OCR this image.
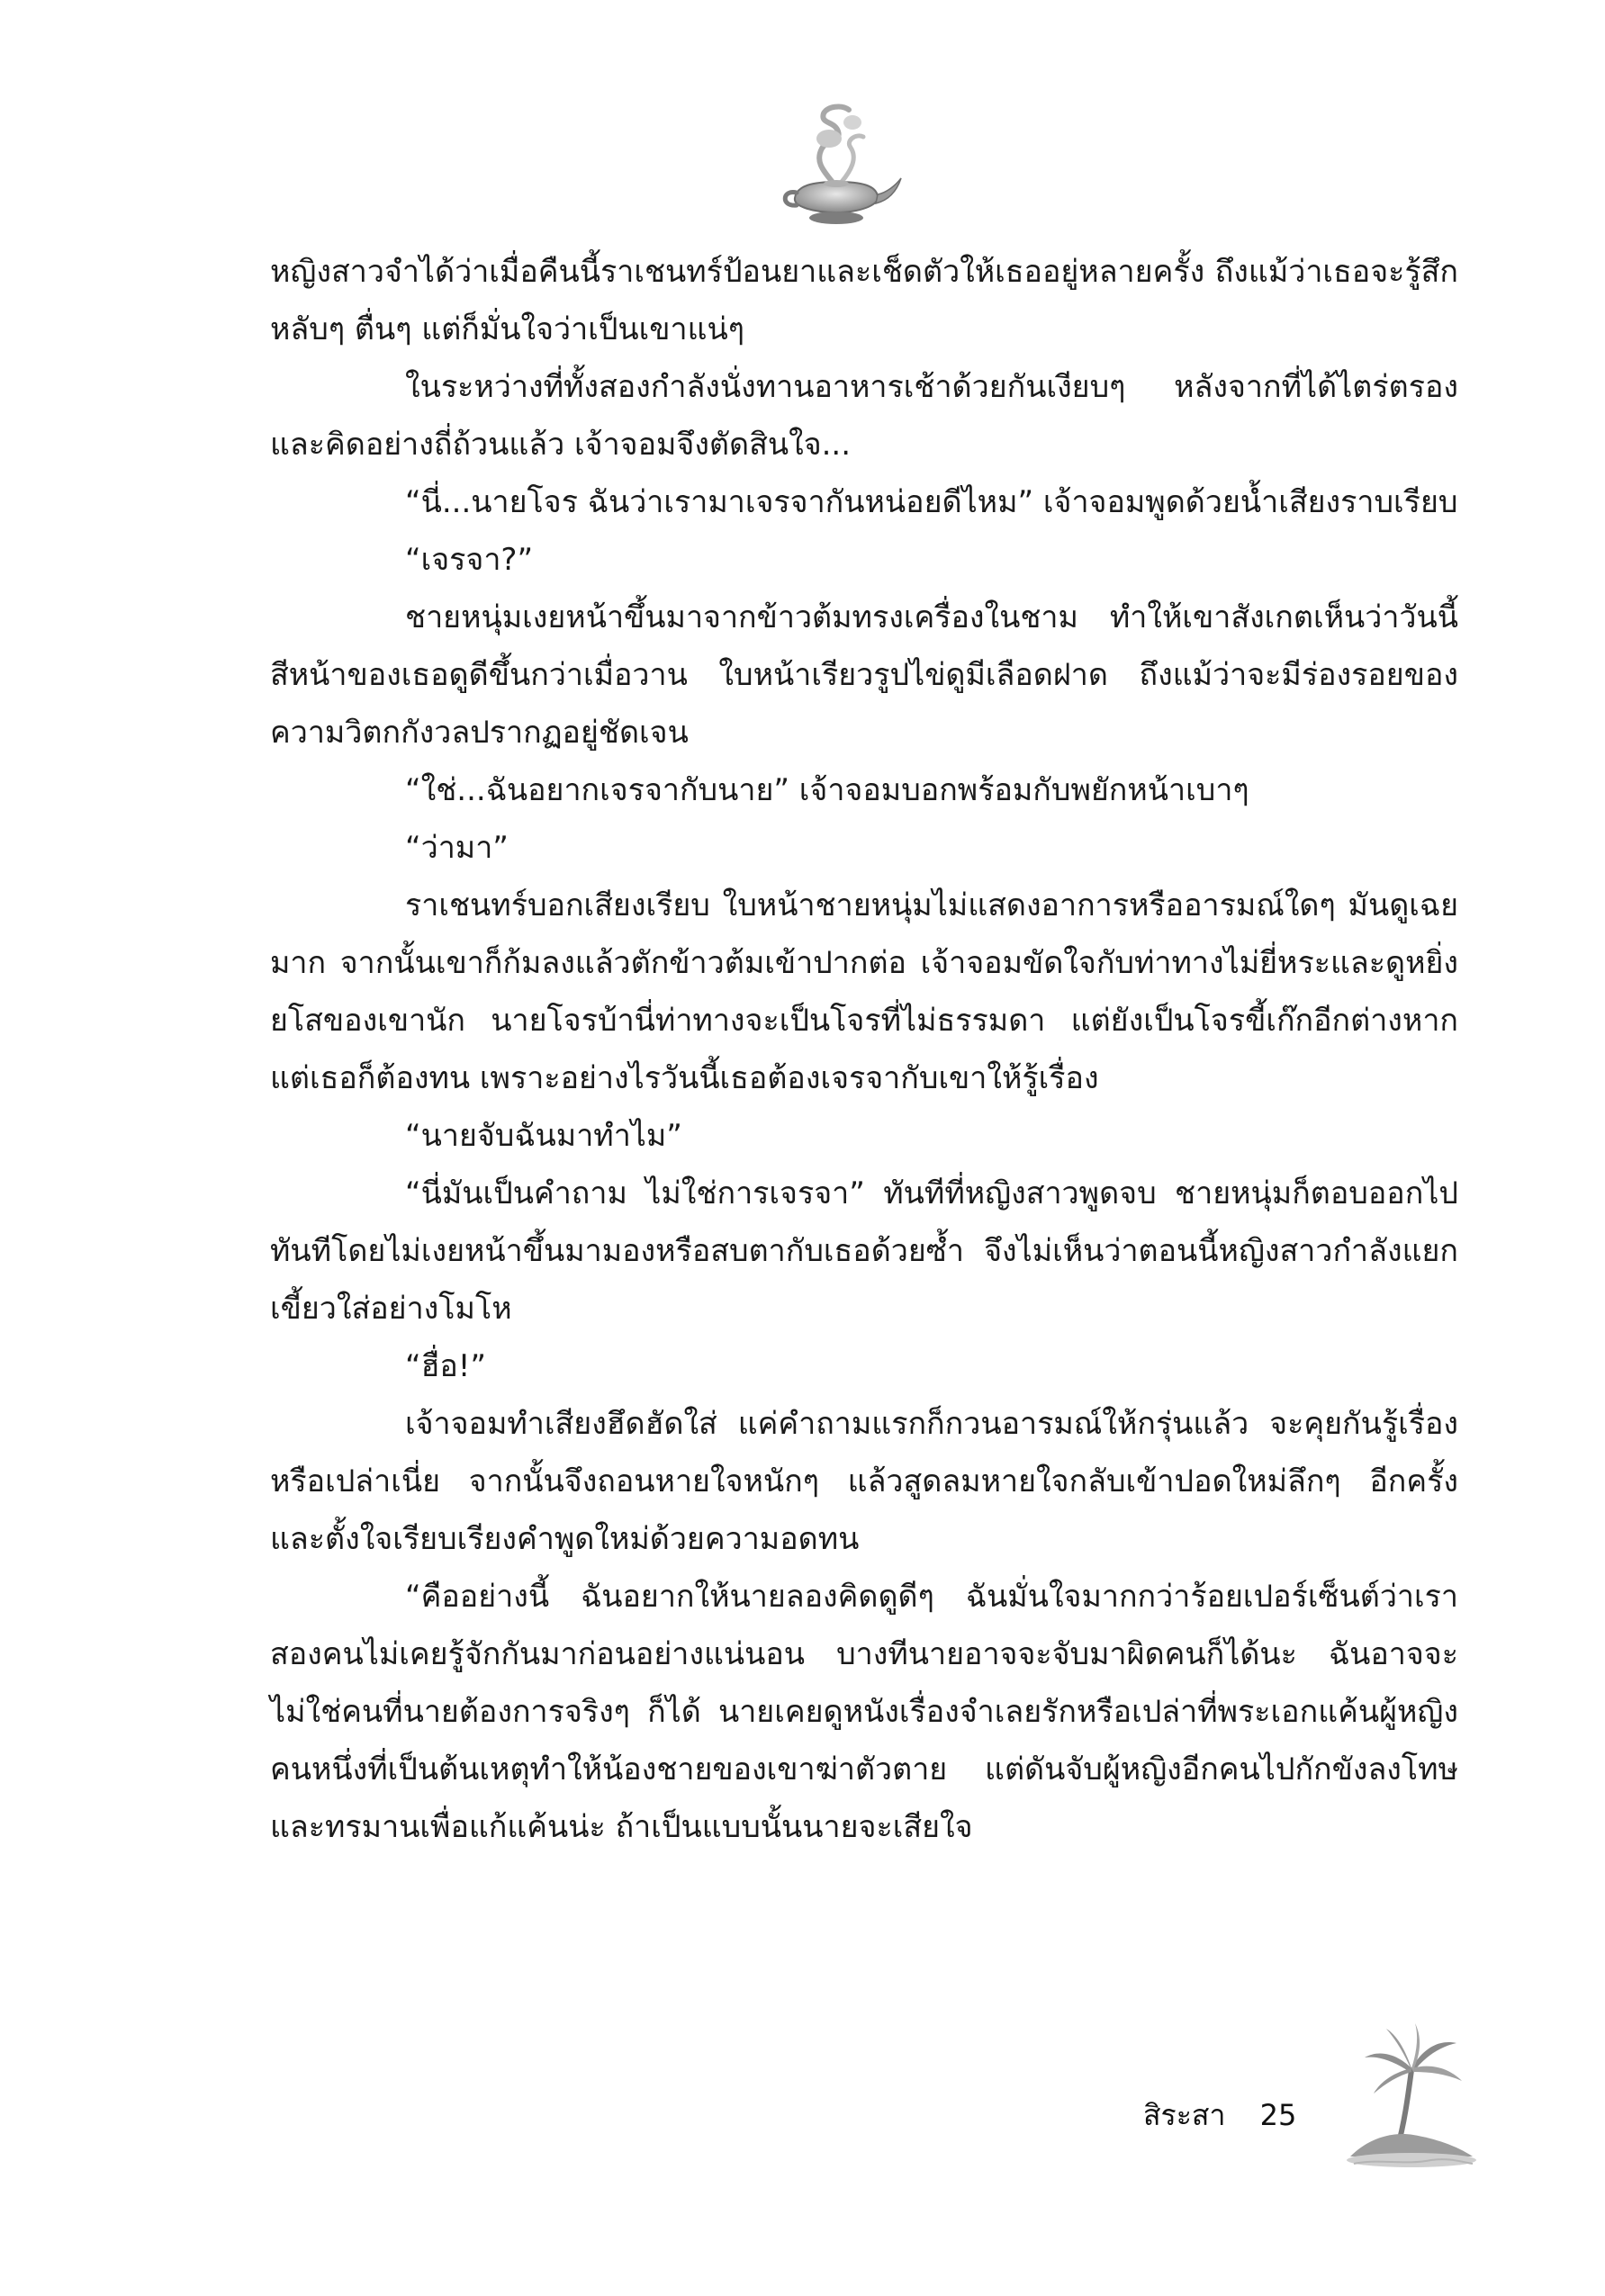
หญิงสาวจำได้ว่าเมื่อคืนนี้ราเชนทร์ป้อนยาและเช็ดตัวให้เธออยู่หลายครั้ง ถึงแม้ว่าเธอจะรู้สึกหลับๆ ตื่นๆ แต่ก็มั่นใจว่าเป็นเขาแน่ๆ

ในระหว่างที่ทั้งสองกำลังนั่งทานอาหารเช้าด้วยกันเงียบๆ หลังจากที่ได้ไตร่ตรองและคิดอย่างถี่ถ้วนแล้ว เจ้าจอมจึงตัดสินใจ...

“นี่...นายโจร ฉันว่าเรามาเจรจากันหน่อยดีไหม” เจ้าจอมพูดด้วยน้ำเสียงราบเรียบ

“เจรจา?”

ชายหนุ่มเงยหน้าขึ้นมาจากข้าวต้มทรงเครื่องในชาม ทำให้เขาสังเกตเห็นว่าวันนี้สีหน้าของเธอดูดีขึ้นกว่าเมื่อวาน ใบหน้าเรียวรูปไข่ดูมีเลือดฝาด ถึงแม้ว่าจะมีร่องรอยของความวิตกกังวลปรากฏอยู่ชัดเจน

“ใช่...ฉันอยากเจรจากับนาย” เจ้าจอมบอกพร้อมกับพยักหน้าเบาๆ

“ว่ามา”

ราเชนทร์บอกเสียงเรียบ ใบหน้าชายหนุ่มไม่แสดงอาการหรืออารมณ์ใดๆ มันดูเฉยมาก จากนั้นเขาก็ก้มลงแล้วตักข้าวต้มเข้าปากต่อ เจ้าจอมขัดใจกับท่าทางไม่ยี่หระและดูหยิ่งยโสของเขานัก นายโจรบ้านี่ท่าทางจะเป็นโจรที่ไม่ธรรมดา แต่ยังเป็นโจรขี้เก๊กอีกต่างหาก แต่เธอก็ต้องทน เพราะอย่างไรวันนี้เธอต้องเจรจากับเขาให้รู้เรื่อง

“นายจับฉันมาทำไม”

“นี่มันเป็นคำถาม ไม่ใช่การเจรจา” ทันทีที่หญิงสาวพูดจบ ชายหนุ่มก็ตอบออกไปทันทีโดยไม่เงยหน้าขึ้นมามองหรือสบตากับเธอด้วยซ้ำ จึงไม่เห็นว่าตอนนี้หญิงสาวกำลังแยกเขี้ยวใส่อย่างโมโห

“ฮื่อ!”

เจ้าจอมทำเสียงฮึดฮัดใส่ แค่คำถามแรกก็กวนอารมณ์ให้กรุ่นแล้ว จะคุยกันรู้เรื่องหรือเปล่าเนี่ย จากนั้นจึงถอนหายใจหนักๆ แล้วสูดลมหายใจกลับเข้าปอดใหม่ลึกๆ อีกครั้ง และตั้งใจเรียบเรียงคำพูดใหม่ด้วยความอดทน

“คืออย่างนี้ ฉันอยากให้นายลองคิดดูดีๆ ฉันมั่นใจมากกว่าร้อยเปอร์เซ็นต์ว่าเราสองคนไม่เคยรู้จักกันมาก่อนอย่างแน่นอน บางทีนายอาจจะจับมาผิดคนก็ได้นะ ฉันอาจจะไม่ใช่คนที่นายต้องการจริงๆ ก็ได้ นายเคยดูหนังเรื่องจำเลยรักหรือเปล่าที่พระเอกแค้นผู้หญิงคนหนึ่งที่เป็นต้นเหตุทำให้น้องชายของเขาฆ่าตัวตาย แต่ดันจับผู้หญิงอีกคนไปกักขังลงโทษและทรมานเพื่อแก้แค้นน่ะ ถ้าเป็นแบบนั้นนายจะเสียใจ

สิระสา 25
